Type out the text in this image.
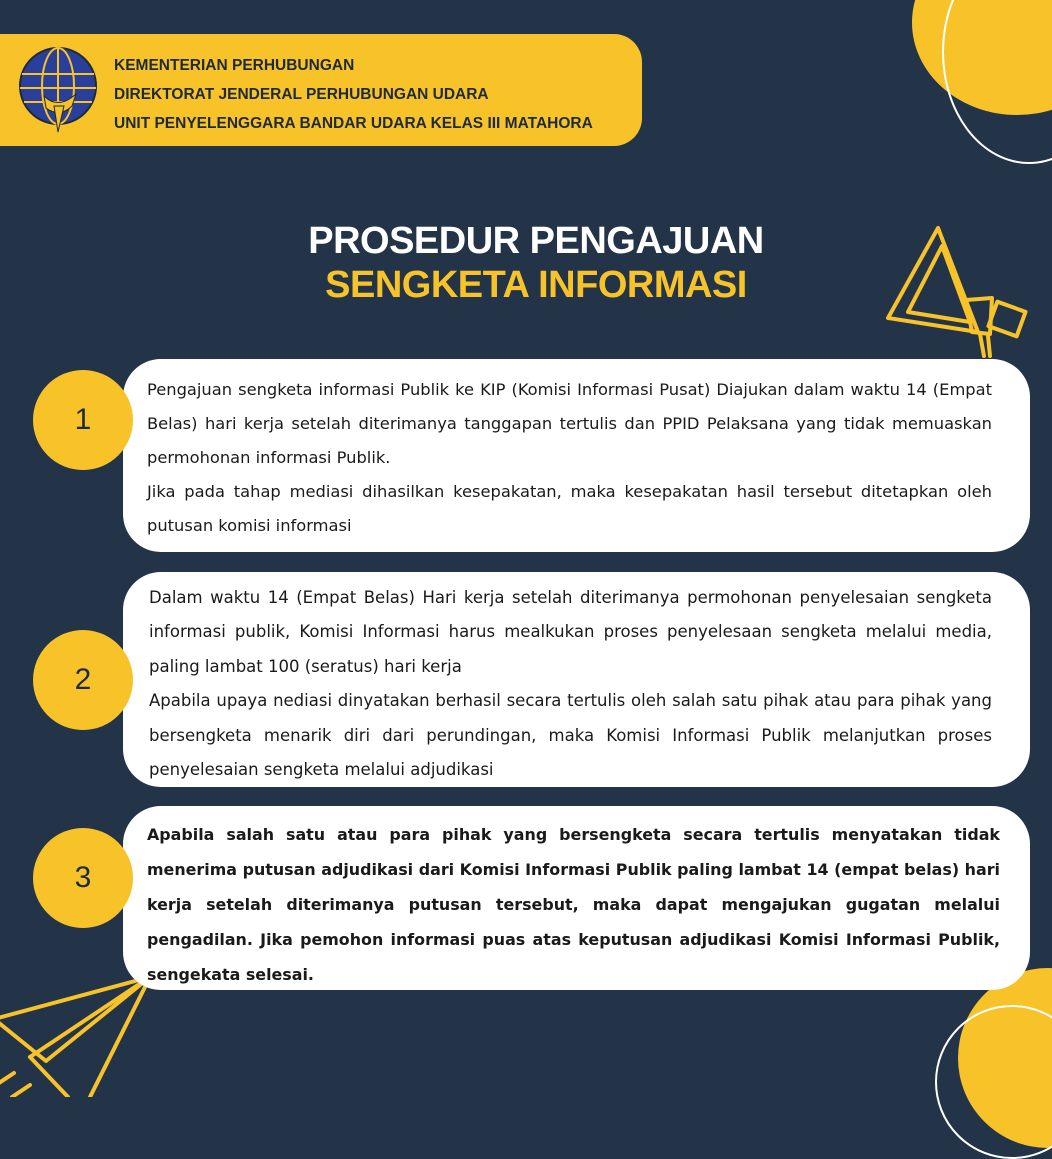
KEMENTERIAN PERHUBUNGAN
DIREKTORAT JENDERAL PERHUBUNGAN UDARA
UNIT PENYELENGGARA BANDAR UDARA KELAS III MATAHORA
PROSEDUR PENGAJUAN
SENGKETA INFORMASI

Pengajuan sengketa informasi Publik ke KIP (Komisi Informasi Pusat) Diajukan dalam waktu 14 (Empat Belas) hari kerja setelah diterimanya tanggapan tertulis dan PPID Pelaksana yang tidak memuaskan permohonan informasi Publik.

Jika pada tahap mediasi dihasilkan kesepakatan, maka kesepakatan hasil tersebut ditetapkan oleh putusan komisi informasi

1

Dalam waktu 14 (Empat Belas) Hari kerja setelah diterimanya permohonan penyelesaian sengketa informasi publik, Komisi Informasi harus mealkukan proses penyelesaan sengketa melalui media, paling lambat 100 (seratus) hari kerja

Apabila upaya nediasi dinyatakan berhasil secara tertulis oleh salah satu pihak atau para pihak yang bersengketa menarik diri dari perundingan, maka Komisi Informasi Publik melanjutkan proses penyelesaian sengketa melalui adjudikasi

2

Apabila salah satu atau para pihak yang bersengketa secara tertulis menyatakan tidak menerima putusan adjudikasi dari Komisi Informasi Publik paling lambat 14 (empat belas) hari kerja setelah diterimanya putusan tersebut, maka dapat mengajukan gugatan melalui pengadilan. Jika pemohon informasi puas atas keputusan adjudikasi Komisi Informasi Publik, sengekata selesai.

3
